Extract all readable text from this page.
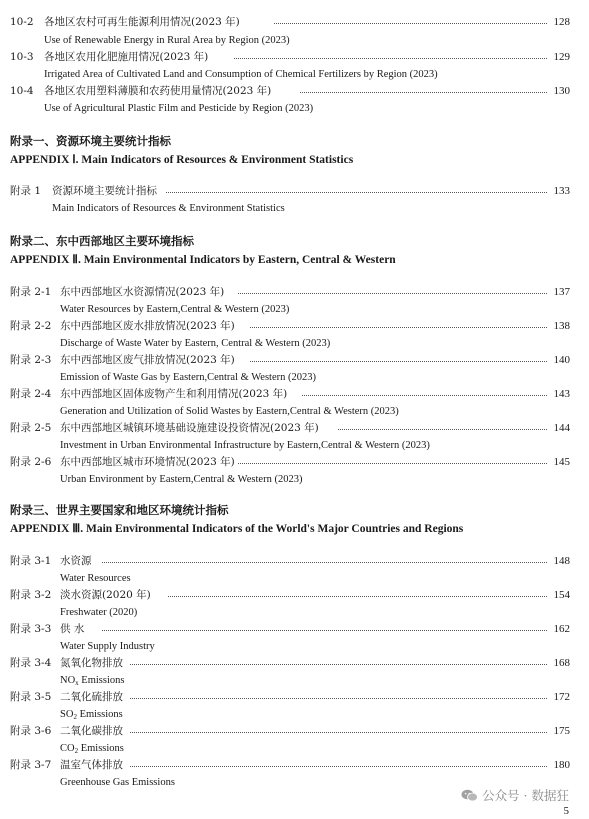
10-2 各地区农村可再生能源利用情况(2023 年)	128
Use of Renewable Energy in Rural Area by Region (2023)
10-3 各地区农用化肥施用情况(2023 年)	129
Irrigated Area of Cultivated Land and Consumption of Chemical Fertilizers by Region (2023)
10-4 各地区农用塑料薄膜和农药使用量情况(2023 年)	130
Use of Agricultural Plastic Film and Pesticide by Region (2023)
附录一、资源环境主要统计指标
APPENDIX Ⅰ. Main Indicators of Resources & Environment Statistics
附录 1 资源环境主要统计指标	133
Main Indicators of Resources & Environment Statistics
附录二、东中西部地区主要环境指标
APPENDIX Ⅱ. Main Environmental Indicators by Eastern, Central & Western
附录 2-1 东中西部地区水资源情况(2023 年)	137
Water Resources by Eastern,Central & Western (2023)
附录 2-2 东中西部地区废水排放情况(2023 年)	138
Discharge of Waste Water by Eastern, Central & Western (2023)
附录 2-3 东中西部地区废气排放情况(2023 年)	140
Emission of Waste Gas by Eastern,Central & Western (2023)
附录 2-4 东中西部地区固体废物产生和利用情况(2023 年)	143
Generation and Utilization of Solid Wastes by Eastern,Central & Western (2023)
附录 2-5 东中西部地区城镇环境基础设施建设投资情况(2023 年)	144
Investment in Urban Environmental Infrastructure by Eastern,Central & Western (2023)
附录 2-6 东中西部地区城市环境情况(2023 年)	145
Urban Environment by Eastern,Central & Western (2023)
附录三、世界主要国家和地区环境统计指标
APPENDIX Ⅲ. Main Environmental Indicators of the World's Major Countries and Regions
附录 3-1 水资源	148
Water Resources
附录 3-2 淡水资源(2020 年)	154
Freshwater (2020)
附录 3-3 供 水	162
Water Supply Industry
附录 3-4 氮氧化物排放	168
$NO_x$ Emissions
附录 3-5 二氧化硫排放	172
$SO_2$ Emissions
附录 3-6 二氧化碳排放	175
$CO_2$ Emissions
附录 3-7 温室气体排放	180
Greenhouse Gas Emissions
公众号 · 数据狂
5
